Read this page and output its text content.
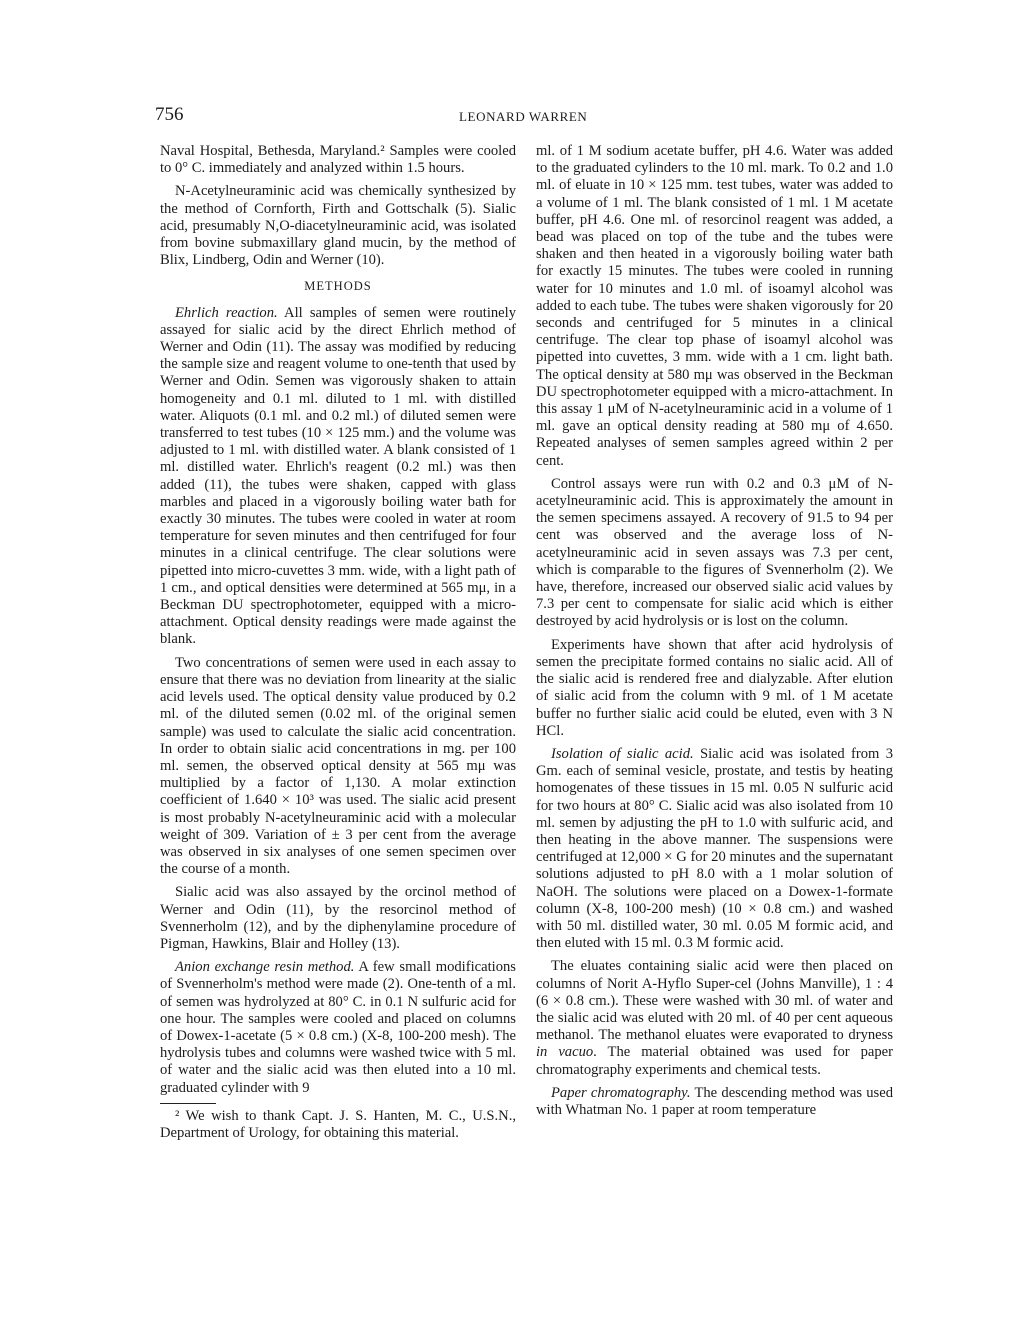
756	LEONARD WARREN

Naval Hospital, Bethesda, Maryland.² Samples were cooled to 0° C. immediately and analyzed within 1.5 hours.

N-Acetylneuraminic acid was chemically synthesized by the method of Cornforth, Firth and Gottschalk (5). Sialic acid, presumably N,O-diacetylneuraminic acid, was isolated from bovine submaxillary gland mucin, by the method of Blix, Lindberg, Odin and Werner (10).

METHODS

Ehrlich reaction. All samples of semen were routinely assayed for sialic acid by the direct Ehrlich method of Werner and Odin (11). The assay was modified by reducing the sample size and reagent volume to one-tenth that used by Werner and Odin. Semen was vigorously shaken to attain homogeneity and 0.1 ml. diluted to 1 ml. with distilled water. Aliquots (0.1 ml. and 0.2 ml.) of diluted semen were transferred to test tubes (10 × 125 mm.) and the volume was adjusted to 1 ml. with distilled water. A blank consisted of 1 ml. distilled water. Ehrlich's reagent (0.2 ml.) was then added (11), the tubes were shaken, capped with glass marbles and placed in a vigorously boiling water bath for exactly 30 minutes. The tubes were cooled in water at room temperature for seven minutes and then centrifuged for four minutes in a clinical centrifuge. The clear solutions were pipetted into micro-cuvettes 3 mm. wide, with a light path of 1 cm., and optical densities were determined at 565 mμ, in a Beckman DU spectrophotometer, equipped with a micro-attachment. Optical density readings were made against the blank.

Two concentrations of semen were used in each assay to ensure that there was no deviation from linearity at the sialic acid levels used. The optical density value produced by 0.2 ml. of the diluted semen (0.02 ml. of the original semen sample) was used to calculate the sialic acid concentration. In order to obtain sialic acid concentrations in mg. per 100 ml. semen, the observed optical density at 565 mμ was multiplied by a factor of 1,130. A molar extinction coefficient of 1.640 × 10³ was used. The sialic acid present is most probably N-acetylneuraminic acid with a molecular weight of 309. Variation of ± 3 per cent from the average was observed in six analyses of one semen specimen over the course of a month.

Sialic acid was also assayed by the orcinol method of Werner and Odin (11), by the resorcinol method of Svennerholm (12), and by the diphenylamine procedure of Pigman, Hawkins, Blair and Holley (13).

Anion exchange resin method. A few small modifications of Svennerholm's method were made (2). One-tenth of a ml. of semen was hydrolyzed at 80° C. in 0.1 N sulfuric acid for one hour. The samples were cooled and placed on columns of Dowex-1-acetate (5 × 0.8 cm.) (X-8, 100-200 mesh). The hydrolysis tubes and columns were washed twice with 5 ml. of water and the sialic acid was then eluted into a 10 ml. graduated cylinder with 9

² We wish to thank Capt. J. S. Hanten, M. C., U.S.N., Department of Urology, for obtaining this material.

ml. of 1 M sodium acetate buffer, pH 4.6. Water was added to the graduated cylinders to the 10 ml. mark. To 0.2 and 1.0 ml. of eluate in 10 × 125 mm. test tubes, water was added to a volume of 1 ml. The blank consisted of 1 ml. 1 M acetate buffer, pH 4.6. One ml. of resorcinol reagent was added, a bead was placed on top of the tube and the tubes were shaken and then heated in a vigorously boiling water bath for exactly 15 minutes. The tubes were cooled in running water for 10 minutes and 1.0 ml. of isoamyl alcohol was added to each tube. The tubes were shaken vigorously for 20 seconds and centrifuged for 5 minutes in a clinical centrifuge. The clear top phase of isoamyl alcohol was pipetted into cuvettes, 3 mm. wide with a 1 cm. light bath. The optical density at 580 mμ was observed in the Beckman DU spectrophotometer equipped with a micro-attachment. In this assay 1 μM of N-acetylneuraminic acid in a volume of 1 ml. gave an optical density reading at 580 mμ of 4.650. Repeated analyses of semen samples agreed within 2 per cent.

Control assays were run with 0.2 and 0.3 μM of N-acetylneuraminic acid. This is approximately the amount in the semen specimens assayed. A recovery of 91.5 to 94 per cent was observed and the average loss of N-acetylneuraminic acid in seven assays was 7.3 per cent, which is comparable to the figures of Svennerholm (2). We have, therefore, increased our observed sialic acid values by 7.3 per cent to compensate for sialic acid which is either destroyed by acid hydrolysis or is lost on the column.

Experiments have shown that after acid hydrolysis of semen the precipitate formed contains no sialic acid. All of the sialic acid is rendered free and dialyzable. After elution of sialic acid from the column with 9 ml. of 1 M acetate buffer no further sialic acid could be eluted, even with 3 N HCl.

Isolation of sialic acid. Sialic acid was isolated from 3 Gm. each of seminal vesicle, prostate, and testis by heating homogenates of these tissues in 15 ml. 0.05 N sulfuric acid for two hours at 80° C. Sialic acid was also isolated from 10 ml. semen by adjusting the pH to 1.0 with sulfuric acid, and then heating in the above manner. The suspensions were centrifuged at 12,000 × G for 20 minutes and the supernatant solutions adjusted to pH 8.0 with a 1 molar solution of NaOH. The solutions were placed on a Dowex-1-formate column (X-8, 100-200 mesh) (10 × 0.8 cm.) and washed with 50 ml. distilled water, 30 ml. 0.05 M formic acid, and then eluted with 15 ml. 0.3 M formic acid.

The eluates containing sialic acid were then placed on columns of Norit A-Hyflo Super-cel (Johns Manville), 1 : 4 (6 × 0.8 cm.). These were washed with 30 ml. of water and the sialic acid was eluted with 20 ml. of 40 per cent aqueous methanol. The methanol eluates were evaporated to dryness in vacuo. The material obtained was used for paper chromatography experiments and chemical tests.

Paper chromatography. The descending method was used with Whatman No. 1 paper at room temperature
